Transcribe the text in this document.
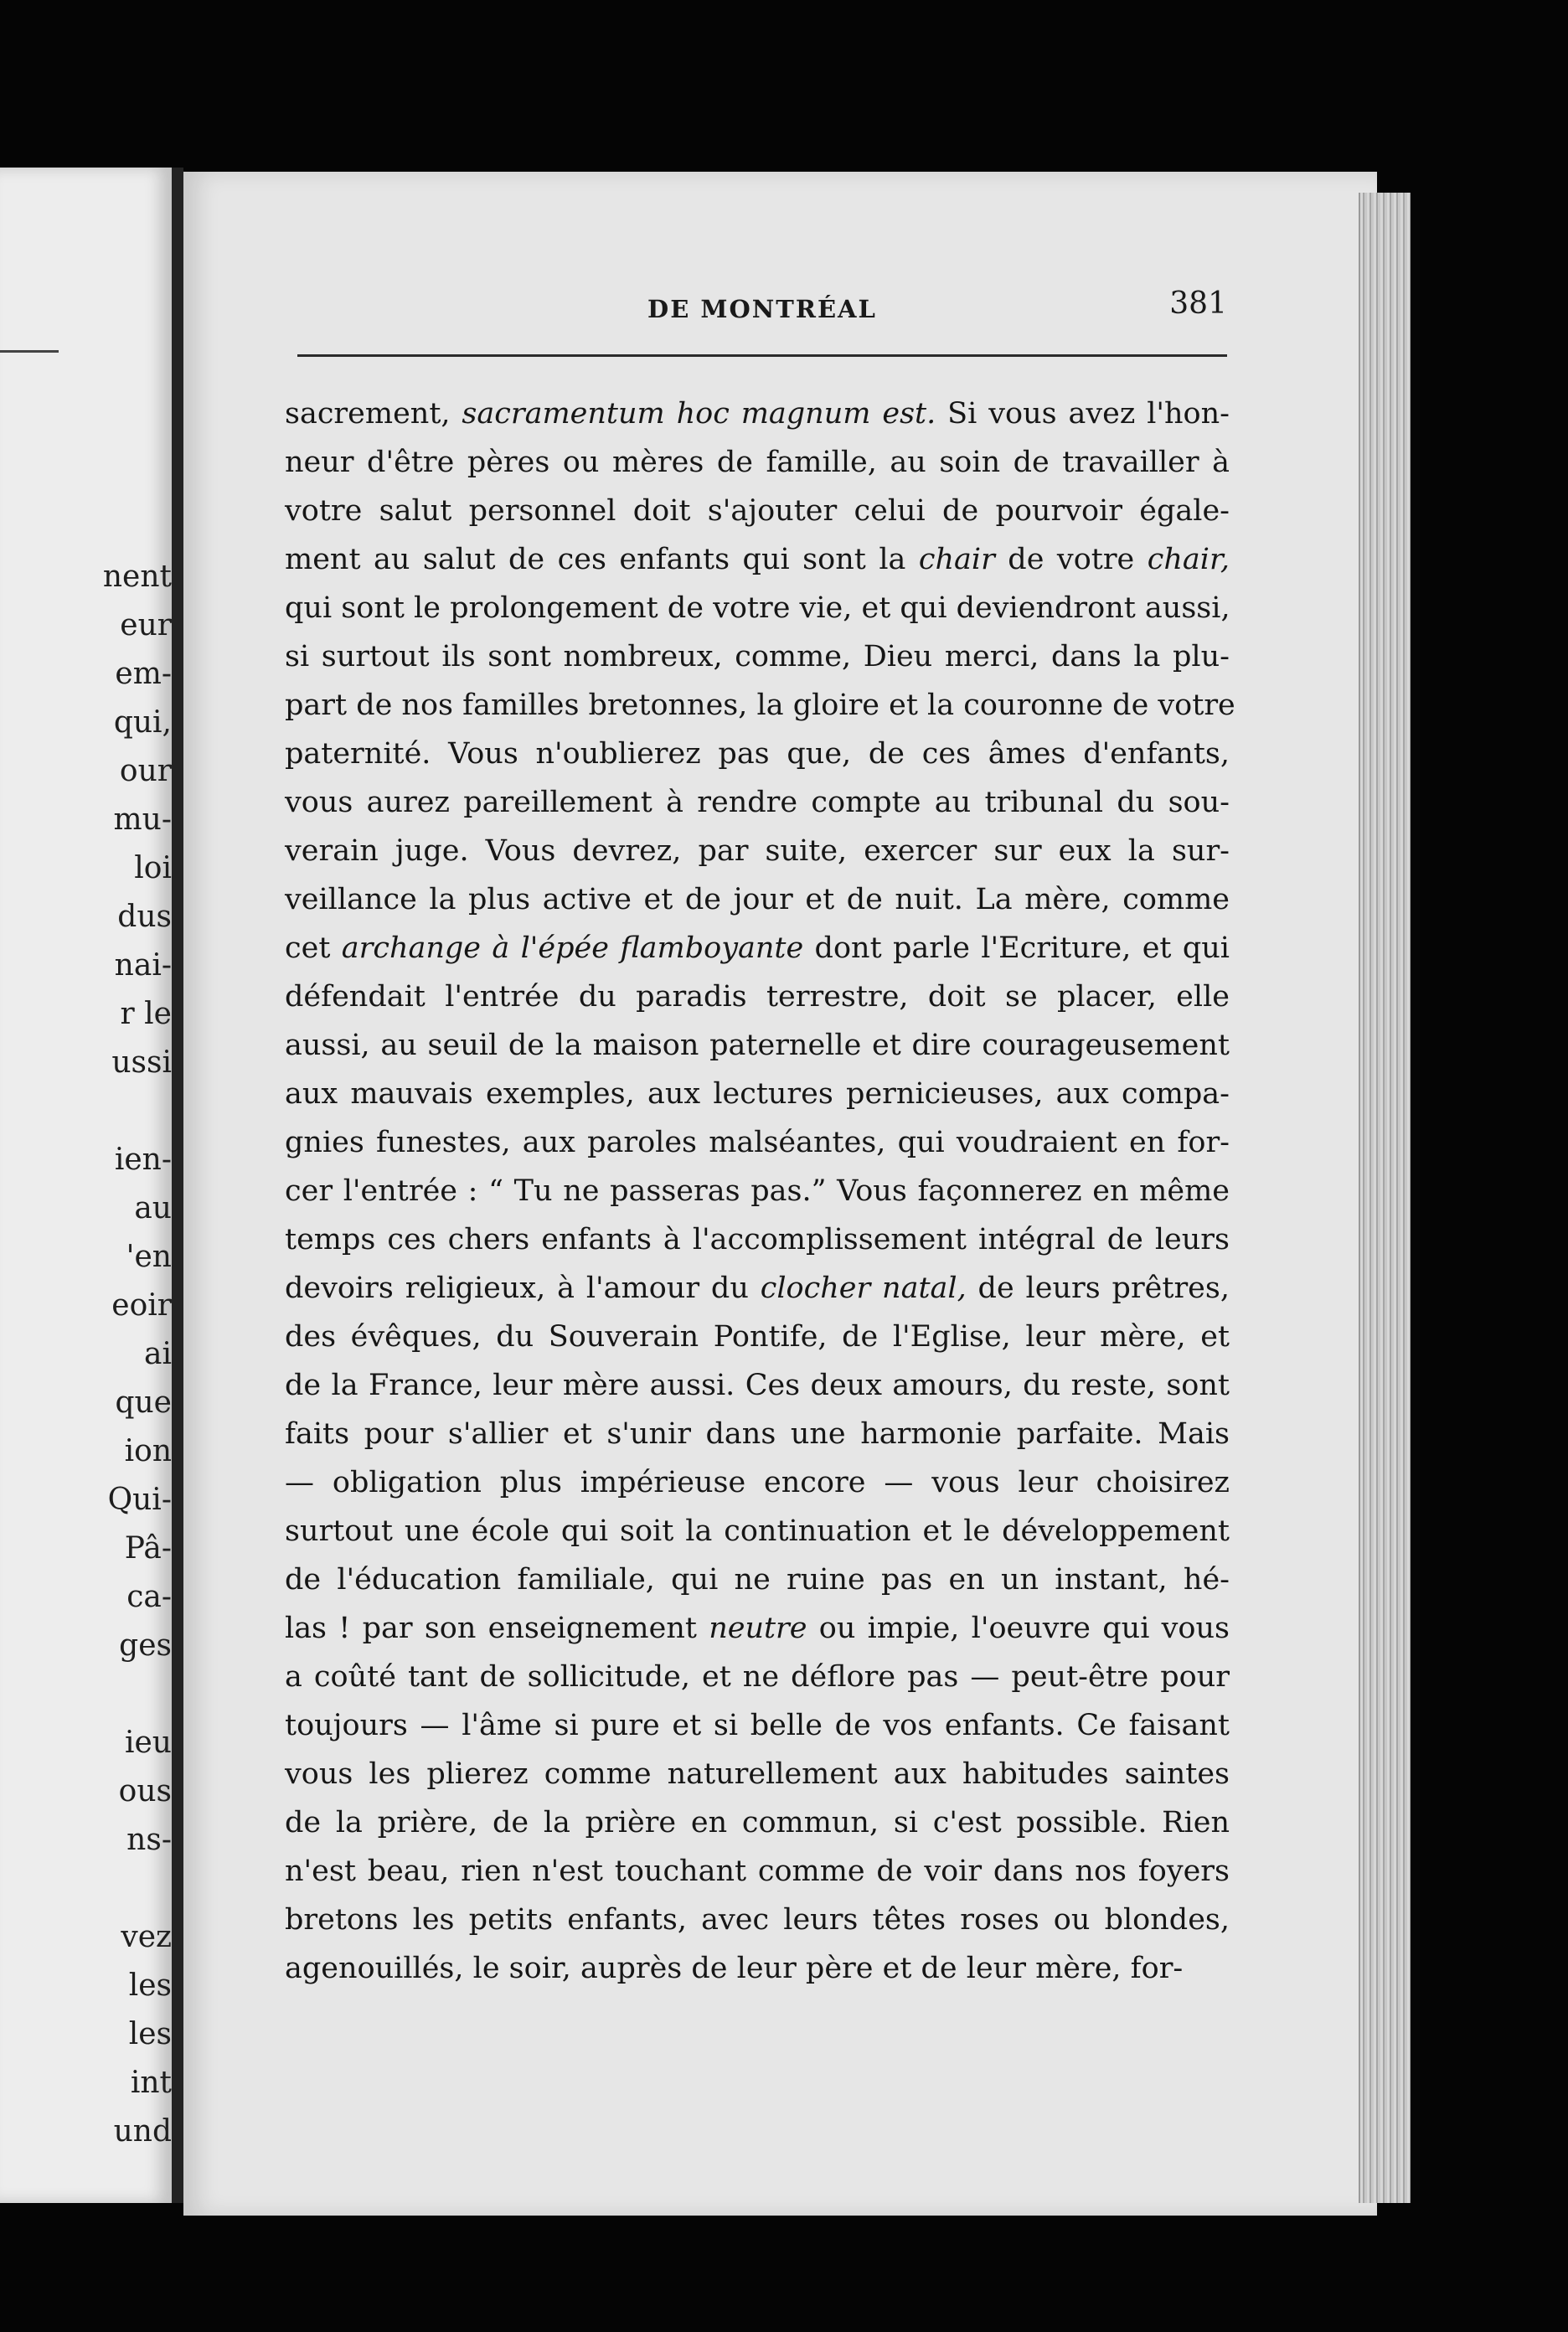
nent
eur
em-
qui,
our
mu-
loi
dus
nai-
r le
ussi
ien-
au
'en
eoir
ai
que
ion
Qui-
Pâ-
ca-
ges
ieu
ous
ns-
vez
les
les
int
und
DE MONTRÉAL	381
sacrement, sacramentum hoc magnum est. Si vous avez l'hon-
neur d'être pères ou mères de famille, au soin de travailler à
votre salut personnel doit s'ajouter celui de pourvoir égale-
ment au salut de ces enfants qui sont la chair de votre chair,
qui sont le prolongement de votre vie, et qui deviendront aussi,
si surtout ils sont nombreux, comme, Dieu merci, dans la plu-
part de nos familles bretonnes, la gloire et la couronne de votre
paternité. Vous n'oublierez pas que, de ces âmes d'enfants,
vous aurez pareillement à rendre compte au tribunal du sou-
verain juge. Vous devrez, par suite, exercer sur eux la sur-
veillance la plus active et de jour et de nuit. La mère, comme
cet archange à l'épée flamboyante dont parle l'Ecriture, et qui
défendait l'entrée du paradis terrestre, doit se placer, elle
aussi, au seuil de la maison paternelle et dire courageusement
aux mauvais exemples, aux lectures pernicieuses, aux compa-
gnies funestes, aux paroles malséantes, qui voudraient en for-
cer l'entrée : “ Tu ne passeras pas.” Vous façonnerez en même
temps ces chers enfants à l'accomplissement intégral de leurs
devoirs religieux, à l'amour du clocher natal, de leurs prêtres,
des évêques, du Souverain Pontife, de l'Eglise, leur mère, et
de la France, leur mère aussi. Ces deux amours, du reste, sont
faits pour s'allier et s'unir dans une harmonie parfaite. Mais
— obligation plus impérieuse encore — vous leur choisirez
surtout une école qui soit la continuation et le développement
de l'éducation familiale, qui ne ruine pas en un instant, hé-
las ! par son enseignement neutre ou impie, l'oeuvre qui vous
a coûté tant de sollicitude, et ne déflore pas — peut-être pour
toujours — l'âme si pure et si belle de vos enfants. Ce faisant
vous les plierez comme naturellement aux habitudes saintes
de la prière, de la prière en commun, si c'est possible. Rien
n'est beau, rien n'est touchant comme de voir dans nos foyers
bretons les petits enfants, avec leurs têtes roses ou blondes,
agenouillés, le soir, auprès de leur père et de leur mère, for-
